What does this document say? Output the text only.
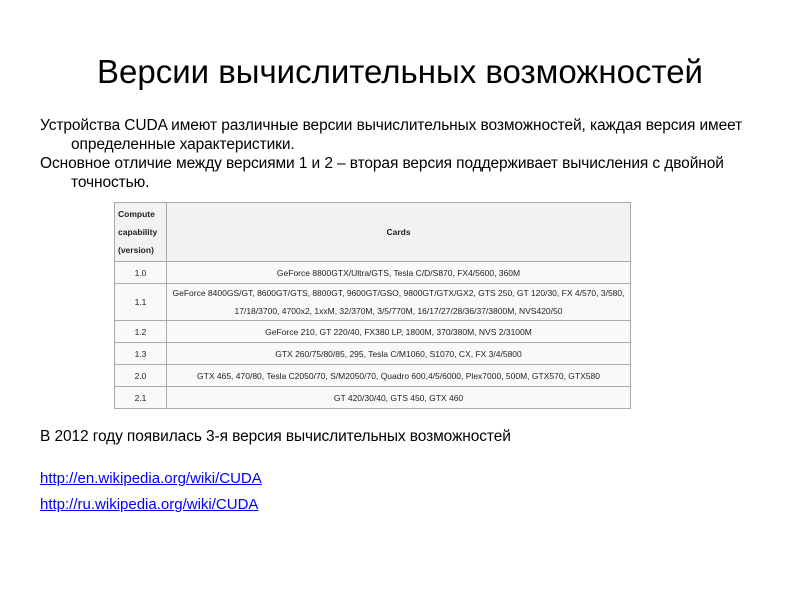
Версии вычислительных возможностей

Устройства CUDA имеют различные версии вычислительных возможностей, каждая версия имеет определенные характеристики.

Основное отличие между версиями 1 и 2 – вторая версия поддерживает вычисления с двойной точностью.

Compute capability (version)	Cards
1.0	GeForce 8800GTX/Ultra/GTS, Tesla C/D/S870, FX4/5600, 360M
1.1	GeForce 8400GS/GT, 8600GT/GTS, 8800GT, 9600GT/GSO, 9800GT/GTX/GX2, GTS 250, GT 120/30, FX 4/570, 3/580, 17/18/3700, 4700x2, 1xxM, 32/370M, 3/5/770M, 16/17/27/28/36/37/3800M, NVS420/50
1.2	GeForce 210, GT 220/40, FX380 LP, 1800M, 370/380M, NVS 2/3100M
1.3	GTX 260/75/80/85, 295, Tesla C/M1060, S1070, CX, FX 3/4/5800
2.0	GTX 465, 470/80, Tesla C2050/70, S/M2050/70, Quadro 600,4/5/6000, Plex7000, 500M, GTX570, GTX580
2.1	GT 420/30/40, GTS 450, GTX 460

В 2012 году появилась 3-я версия вычислительных возможностей

http://en.wikipedia.org/wiki/CUDA
http://ru.wikipedia.org/wiki/CUDA
